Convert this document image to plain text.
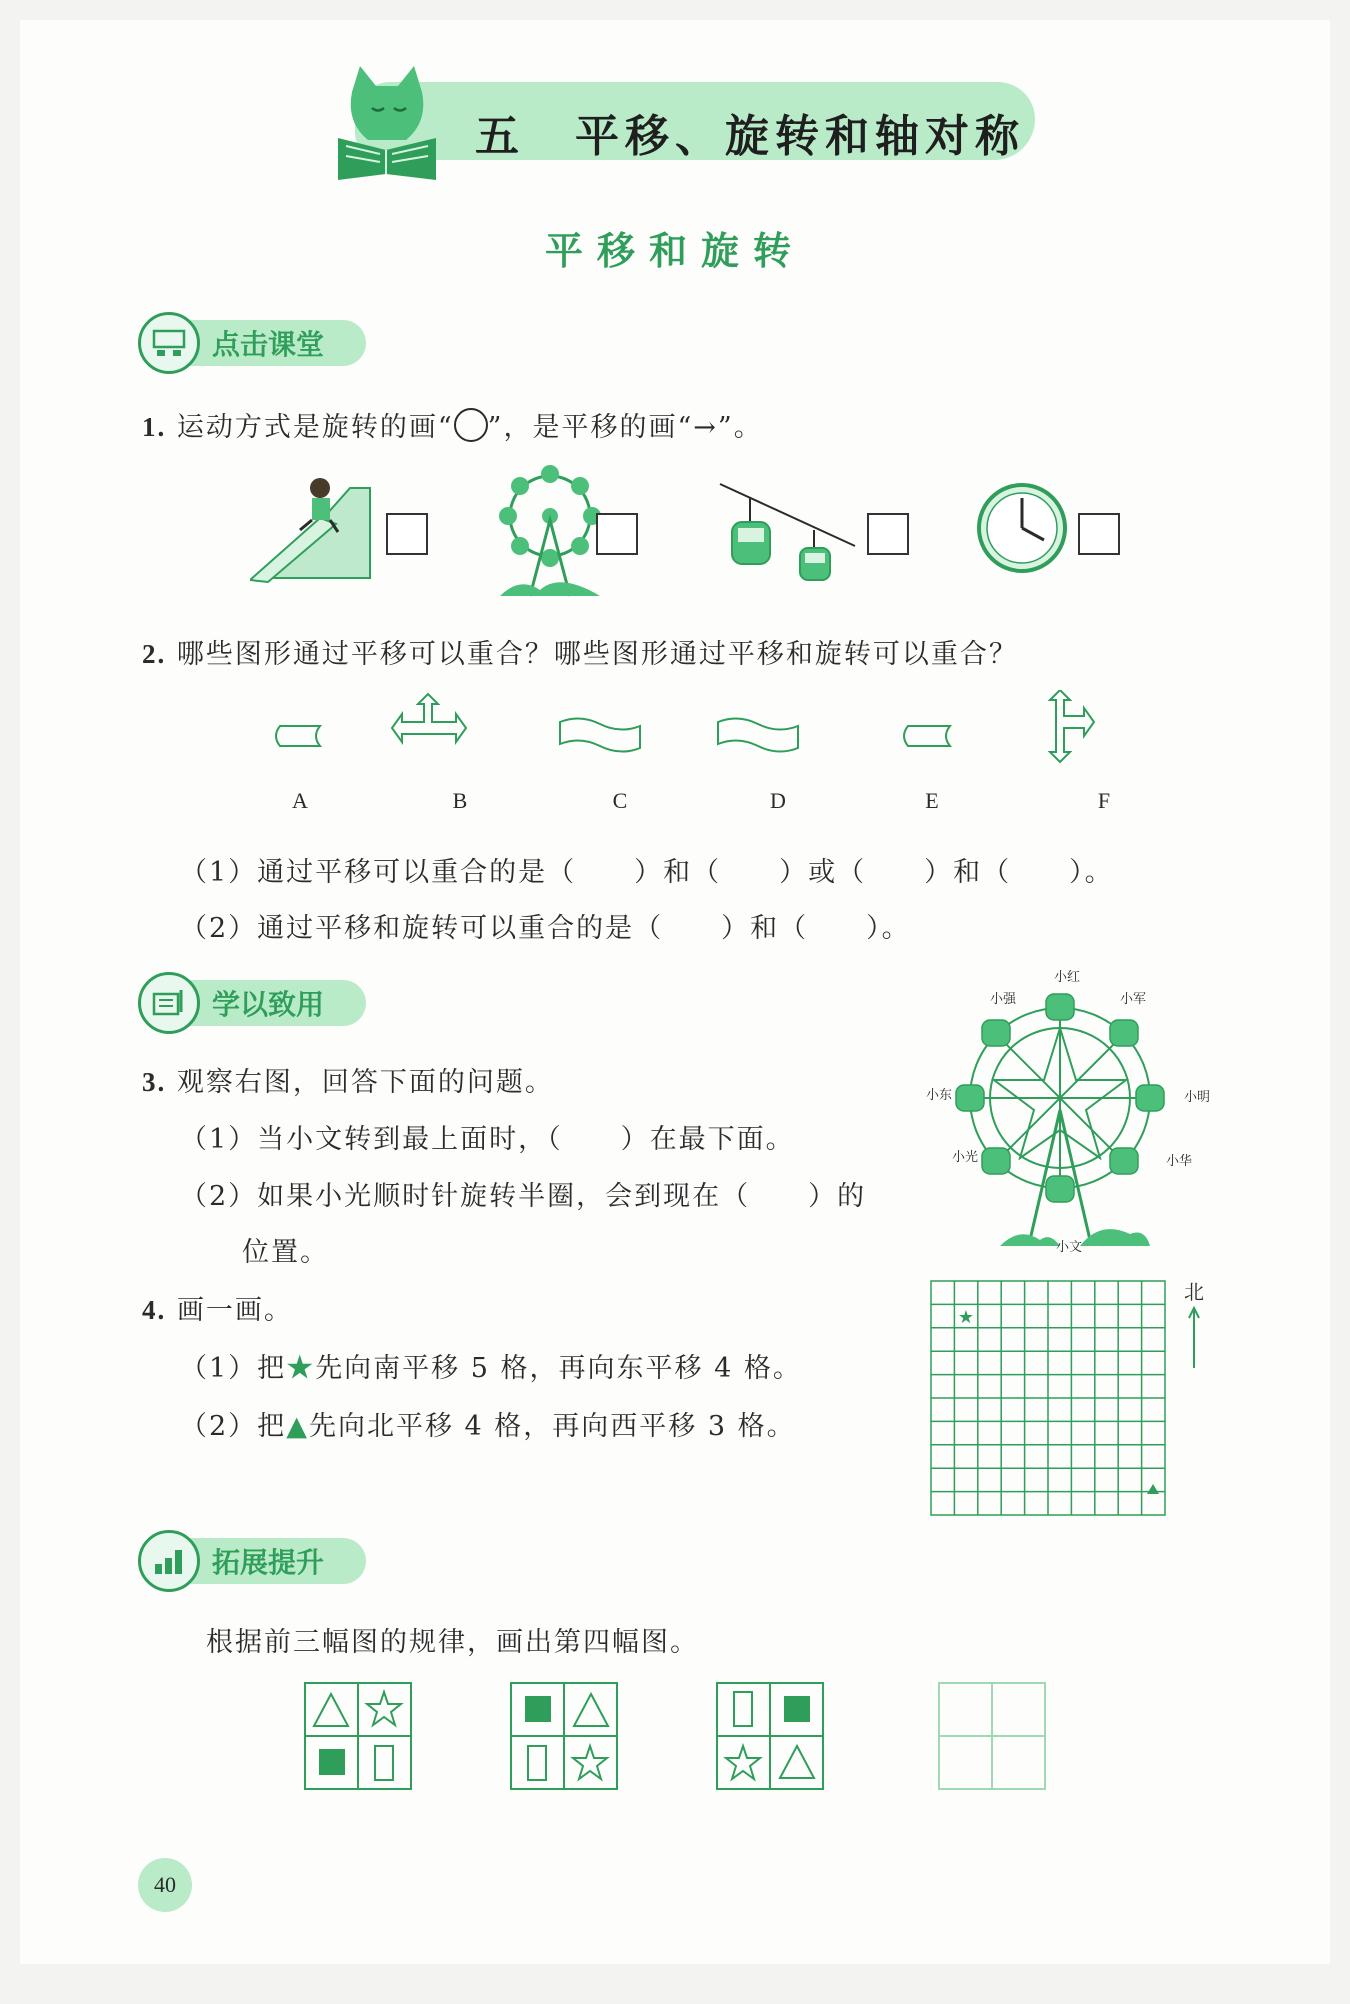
五　平移、旋转和轴对称
平移和旋转
点击课堂
1. 运动方式是旋转的画“ ”，是平移的画“→”。
2. 哪些图形通过平移可以重合？哪些图形通过平移和旋转可以重合？
A	B	C	D	E	F
（1）通过平移可以重合的是（　　）和（　　）或（　　）和（　　）。
（2）通过平移和旋转可以重合的是（　　）和（　　）。
学以致用
3. 观察右图，回答下面的问题。
（1）当小文转到最上面时，（　　）在最下面。
（2）如果小光顺时针旋转半圈，会到现在（　　）的
位置。
小红
小强	小军
小东	小明
小光	小华
小文
4. 画一画。
（1）把★先向南平移 5 格，再向东平移 4 格。
（2）把▲先向北平移 4 格，再向西平移 3 格。
★
北
拓展提升
根据前三幅图的规律，画出第四幅图。
40
